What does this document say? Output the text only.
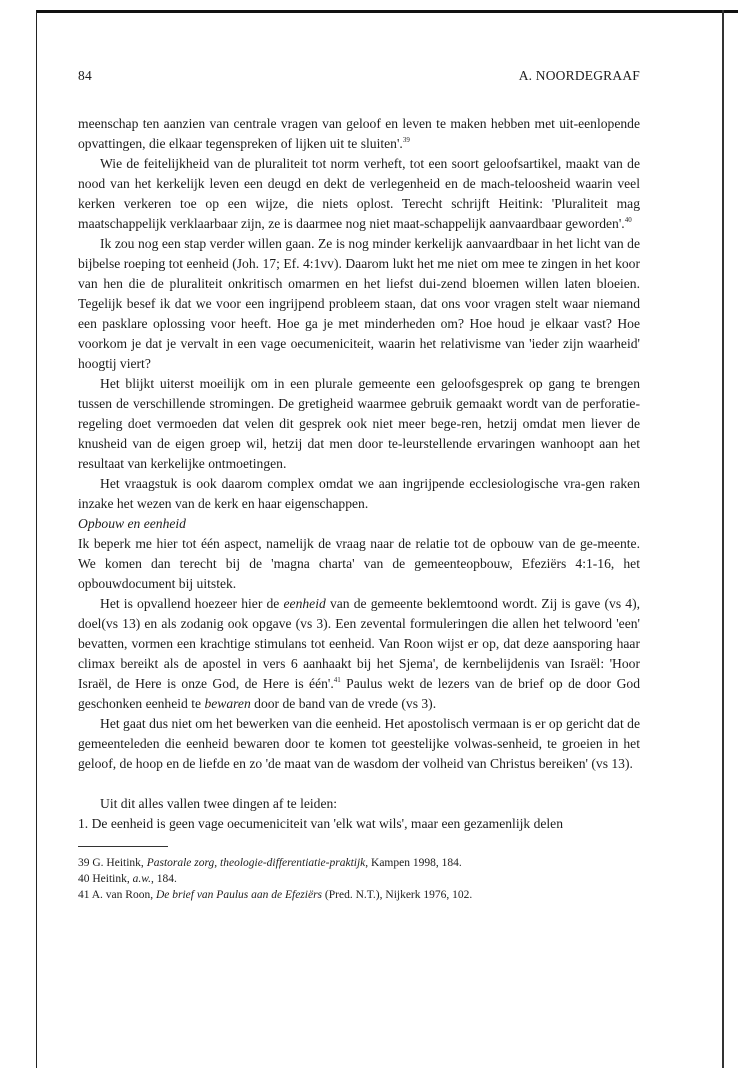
84	A. NOORDEGRAAF

meenschap ten aanzien van centrale vragen van geloof en leven te maken hebben met uit-eenlopende opvattingen, die elkaar tegenspreken of lijken uit te sluiten'.$^{39}$

Wie de feitelijkheid van de pluraliteit tot norm verheft, tot een soort geloofsartikel, maakt van de nood van het kerkelijk leven een deugd en dekt de verlegenheid en de mach-teloosheid waarin veel kerken verkeren toe op een wijze, die niets oplost. Terecht schrijft Heitink: 'Pluraliteit mag maatschappelijk verklaarbaar zijn, ze is daarmee nog niet maat-schappelijk aanvaardbaar geworden'.$^{40}$

Ik zou nog een stap verder willen gaan. Ze is nog minder kerkelijk aanvaardbaar in het licht van de bijbelse roeping tot eenheid (Joh. 17; Ef. 4:1vv). Daarom lukt het me niet om mee te zingen in het koor van hen die de pluraliteit onkritisch omarmen en het liefst dui-zend bloemen willen laten bloeien. Tegelijk besef ik dat we voor een ingrijpend probleem staan, dat ons voor vragen stelt waar niemand een pasklare oplossing voor heeft. Hoe ga je met minderheden om? Hoe houd je elkaar vast? Hoe voorkom je dat je vervalt in een vage oecumeniciteit, waarin het relativisme van 'ieder zijn waarheid' hoogtij viert?

Het blijkt uiterst moeilijk om in een plurale gemeente een geloofsgesprek op gang te brengen tussen de verschillende stromingen. De gretigheid waarmee gebruik gemaakt wordt van de perforatie-regeling doet vermoeden dat velen dit gesprek ook niet meer bege-ren, hetzij omdat men liever de knusheid van de eigen groep wil, hetzij dat men door te-leurstellende ervaringen wanhoopt aan het resultaat van kerkelijke ontmoetingen.

Het vraagstuk is ook daarom complex omdat we aan ingrijpende ecclesiologische vra-gen raken inzake het wezen van de kerk en haar eigenschappen.

Opbouw en eenheid

Ik beperk me hier tot één aspect, namelijk de vraag naar de relatie tot de opbouw van de ge-meente. We komen dan terecht bij de 'magna charta' van de gemeenteopbouw, Efeziërs 4:1-16, het opbouwdocument bij uitstek.

Het is opvallend hoezeer hier de eenheid van de gemeente beklemtoond wordt. Zij is gave (vs 4), doel(vs 13) en als zodanig ook opgave (vs 3). Een zevental formuleringen die allen het telwoord 'een' bevatten, vormen een krachtige stimulans tot eenheid. Van Roon wijst er op, dat deze aansporing haar climax bereikt als de apostel in vers 6 aanhaakt bij het Sjema', de kernbelijdenis van Israël: 'Hoor Israël, de Here is onze God, de Here is één'.$^{41}$ Paulus wekt de lezers van de brief op de door God geschonken eenheid te bewaren door de band van de vrede (vs 3).

Het gaat dus niet om het bewerken van die eenheid. Het apostolisch vermaan is er op gericht dat de gemeenteleden die eenheid bewaren door te komen tot geestelijke volwas-senheid, te groeien in het geloof, de hoop en de liefde en zo 'de maat van de wasdom der volheid van Christus bereiken' (vs 13).

Uit dit alles vallen twee dingen af te leiden:

1. De eenheid is geen vage oecumeniciteit van 'elk wat wils', maar een gezamenlijk delen

39 G. Heitink, Pastorale zorg, theologie-differentiatie-praktijk, Kampen 1998, 184.
40 Heitink, a.w., 184.
41 A. van Roon, De brief van Paulus aan de Efeziërs (Pred. N.T.), Nijkerk 1976, 102.
